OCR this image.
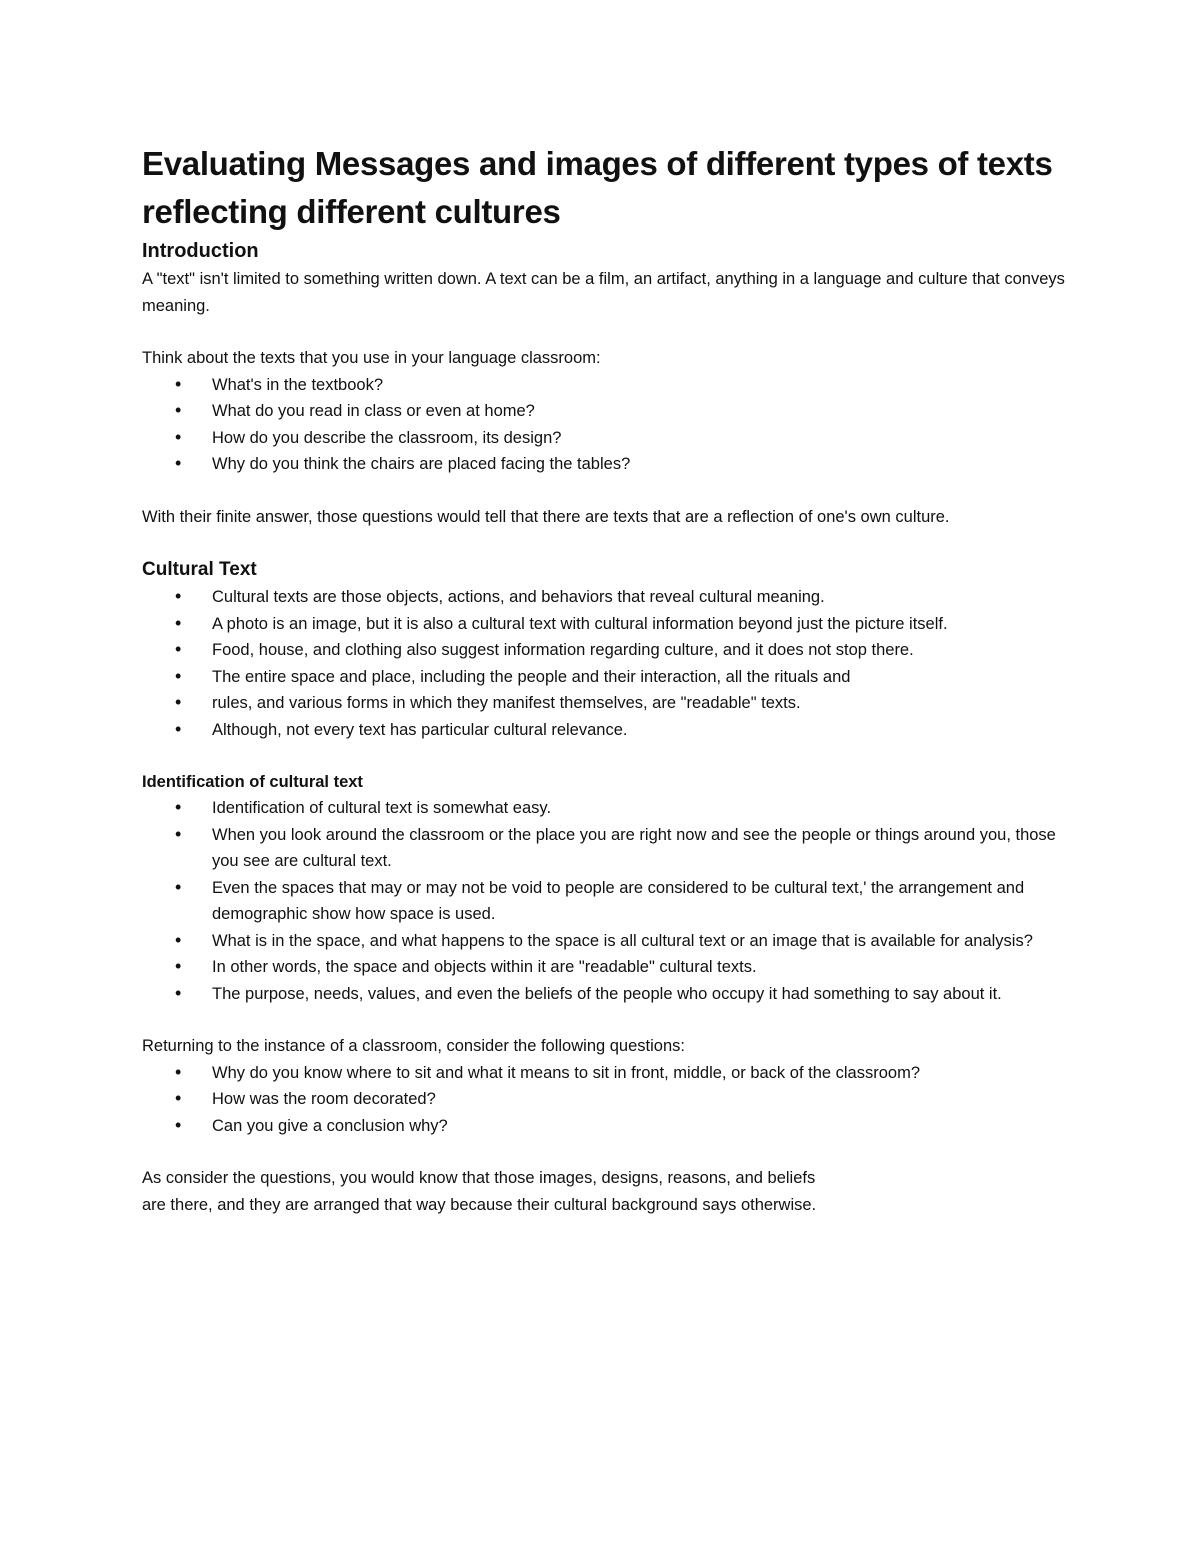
Evaluating Messages and images of different types of texts reflecting different cultures
Introduction

A "text" isn't limited to something written down. A text can be a film, an artifact, anything in a language and culture that conveys meaning.

Think about the texts that you use in your language classroom:

• What's in the textbook?
• What do you read in class or even at home?
• How do you describe the classroom, its design?
• Why do you think the chairs are placed facing the tables?

With their finite answer, those questions would tell that there are texts that are a reflection of one's own culture.

Cultural Text
• Cultural texts are those objects, actions, and behaviors that reveal cultural meaning.
• A photo is an image, but it is also a cultural text with cultural information beyond just the picture itself.
• Food, house, and clothing also suggest information regarding culture, and it does not stop there.
• The entire space and place, including the people and their interaction, all the rituals and
• rules, and various forms in which they manifest themselves, are "readable" texts.
• Although, not every text has particular cultural relevance.
Identification of cultural text
• Identification of cultural text is somewhat easy.
• When you look around the classroom or the place you are right now and see the people or things around you, those you see are cultural text.
• Even the spaces that may or may not be void to people are considered to be cultural text,' the arrangement and demographic show how space is used.
• What is in the space, and what happens to the space is all cultural text or an image that is available for analysis?
• In other words, the space and objects within it are "readable" cultural texts.
• The purpose, needs, values, and even the beliefs of the people who occupy it had something to say about it.

Returning to the instance of a classroom, consider the following questions:

• Why do you know where to sit and what it means to sit in front, middle, or back of the classroom?
• How was the room decorated?
• Can you give a conclusion why?

As consider the questions, you would know that those images, designs, reasons, and beliefs

are there, and they are arranged that way because their cultural background says otherwise.
